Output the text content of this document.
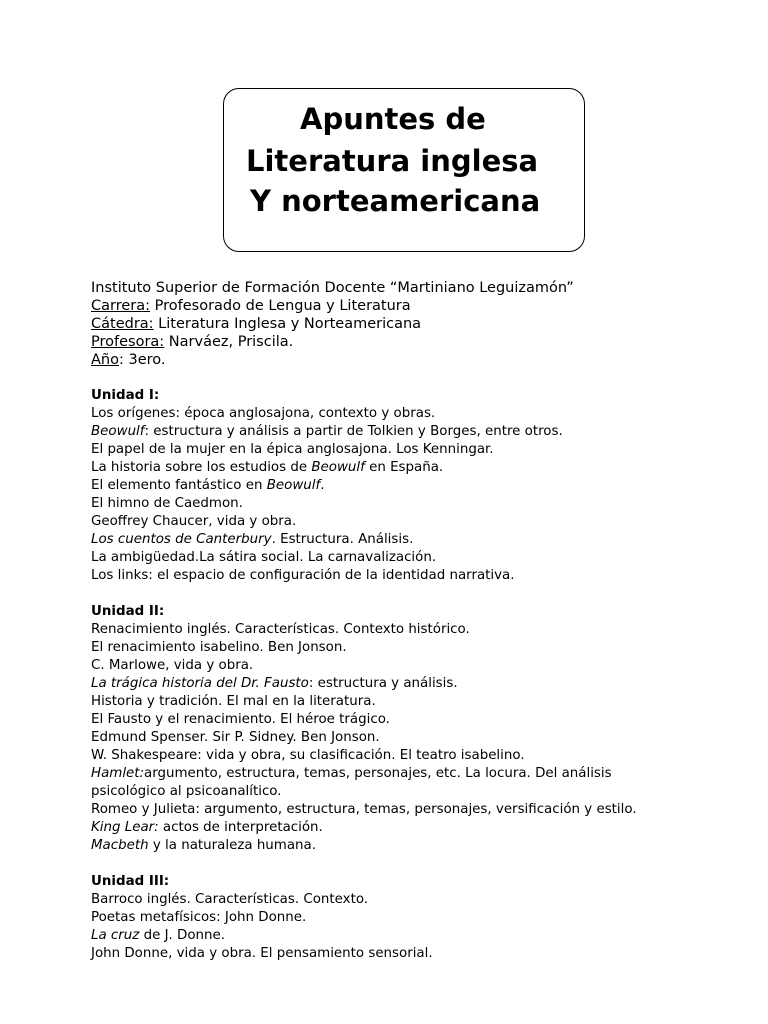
Apuntes de
Literatura inglesa
Y norteamericana
Instituto Superior de Formación Docente “Martiniano Leguizamón”
Carrera: Profesorado de Lengua y Literatura
Cátedra: Literatura Inglesa y Norteamericana
Profesora: Narváez, Priscila.
Año: 3ero.
Unidad I:
Los orígenes: época anglosajona, contexto y obras.
Beowulf: estructura y análisis a partir de Tolkien y Borges, entre otros.
El papel de la mujer en la épica anglosajona. Los Kenningar.
La historia sobre los estudios de Beowulf en España.
El elemento fantástico en Beowulf.
El himno de Caedmon.
Geoffrey Chaucer, vida y obra.
Los cuentos de Canterbury. Estructura. Análisis.
La ambigüedad.La sátira social. La carnavalización.
Los links: el espacio de configuración de la identidad narrativa.
Unidad II:
Renacimiento inglés. Características. Contexto histórico.
El renacimiento isabelino. Ben Jonson.
C. Marlowe, vida y obra.
La trágica historia del Dr. Fausto: estructura y análisis.
Historia y tradición. El mal en la literatura.
El Fausto y el renacimiento. El héroe trágico.
Edmund Spenser. Sir P. Sidney. Ben Jonson.
W. Shakespeare: vida y obra, su clasificación. El teatro isabelino.
Hamlet:argumento, estructura, temas, personajes, etc. La locura. Del análisis
psicológico al psicoanalítico.
Romeo y Julieta: argumento, estructura, temas, personajes, versificación y estilo.
King Lear: actos de interpretación.
Macbeth y la naturaleza humana.
Unidad III:
Barroco inglés. Características. Contexto.
Poetas metafísicos: John Donne.
La cruz de J. Donne.
John Donne, vida y obra. El pensamiento sensorial.
